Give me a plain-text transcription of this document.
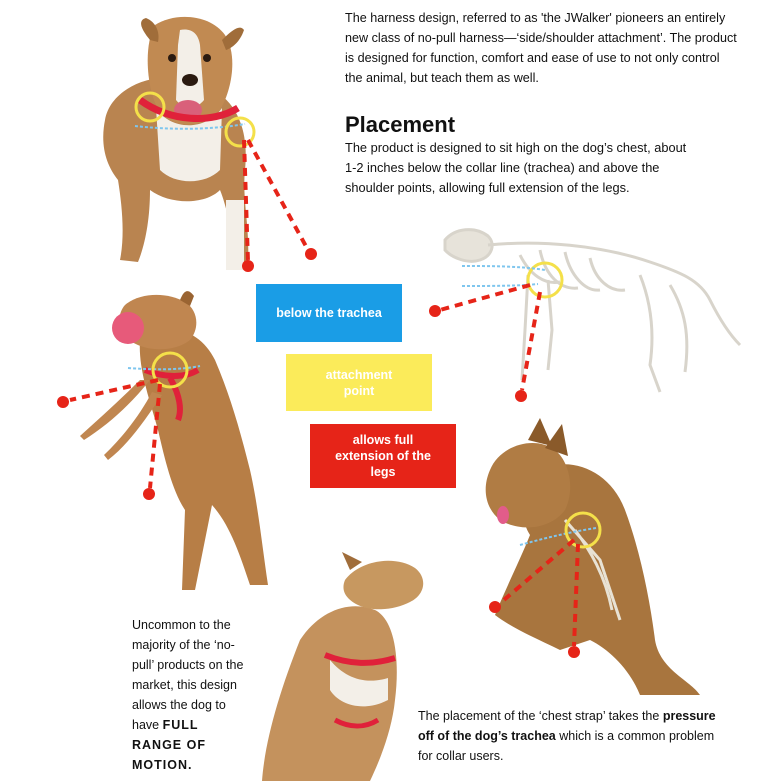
The harness design, referred to as 'the JWalker' pioneers an entirely new class of no-pull harness—‘side/shoulder attachment’. The product is designed for function, comfort and ease of use to not only control the animal, but teach them as well.
Placement
The product is designed to sit high on the dog’s chest, about 1-2 inches below the collar line (trachea) and above the shoulder points, allowing full extension of the legs.
below the trachea
attachment point
allows full extension of the legs
Uncommon to the majority of the ‘no-pull’ products on the market, this design allows the dog to have FULL RANGE OF MOTION.
The placement of the ‘chest strap’ takes the pressure off of the dog’s trachea which is a common problem for collar users.
